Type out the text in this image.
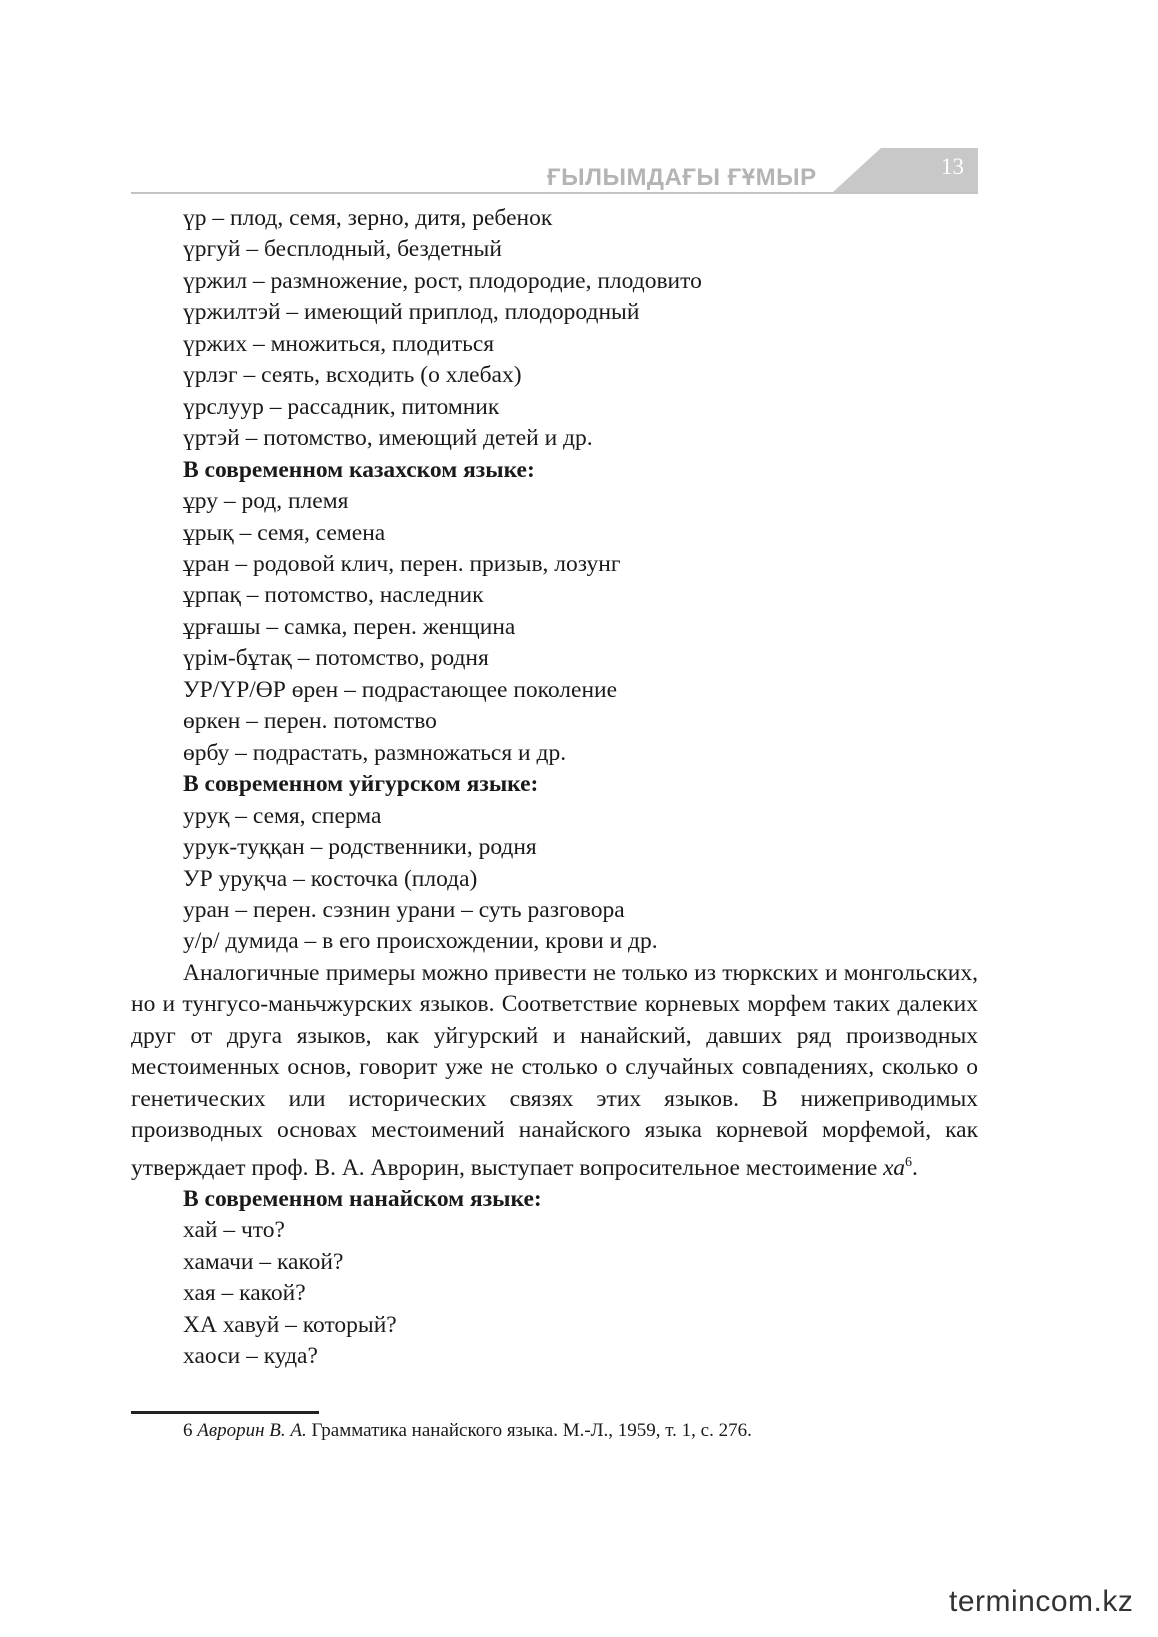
ҒЫЛЫМДАҒЫ ҒҰМЫР	13
үр – плод, семя, зерно, дитя, ребенок
үргуй – бесплодный, бездетный
үржил – размножение, рост, плодородие, плодовито
үржилтэй – имеющий приплод, плодородный
үржих – множиться, плодиться
үрлэг – сеять, всходить (о хлебах)
үрслуур – рассадник, питомник
үртэй – потомство, имеющий детей и др.
В современном казахском языке:
ұру – род, племя
ұрық – семя, семена
ұран – родовой клич, перен. призыв, лозунг
ұрпақ – потомство, наследник
ұрғашы – самка, перен. женщина
үрім-бұтақ – потомство, родня
УР/ҮР/ӨР өрен – подрастающее поколение
өркен – перен. потомство
өрбу – подрастать, размножаться и др.
В современном уйгурском языке:
уруқ – семя, сперма
урук-туққан – родственники, родня
УР уруқча – косточка (плода)
уран – перен. сэзнин урани – суть разговора
у/р/ думида – в его происхождении, крови и др.

Аналогичные примеры можно привести не только из тюркских и монгольских, но и тунгусо-маньчжурских языков. Соответствие корневых морфем таких далеких друг от друга языков, как уйгурский и нанайский, давших ряд производных местоименных основ, говорит уже не столько о случайных совпадениях, сколько о генетических или исторических связях этих языков. В нижеприводимых производных основах местоимений нанайского языка корневой морфемой, как утверждает проф. В. А. Аврорин, выступает вопросительное местоимение $ха^6$.

В современном нанайском языке:
хай – что?
хамачи – какой?
хая – какой?
ХА хавуй – который?
хаоси – куда?
6 Аврорин В. А. Грамматика нанайского языка. М.-Л., 1959, т. 1, с. 276.
termincom.kz
